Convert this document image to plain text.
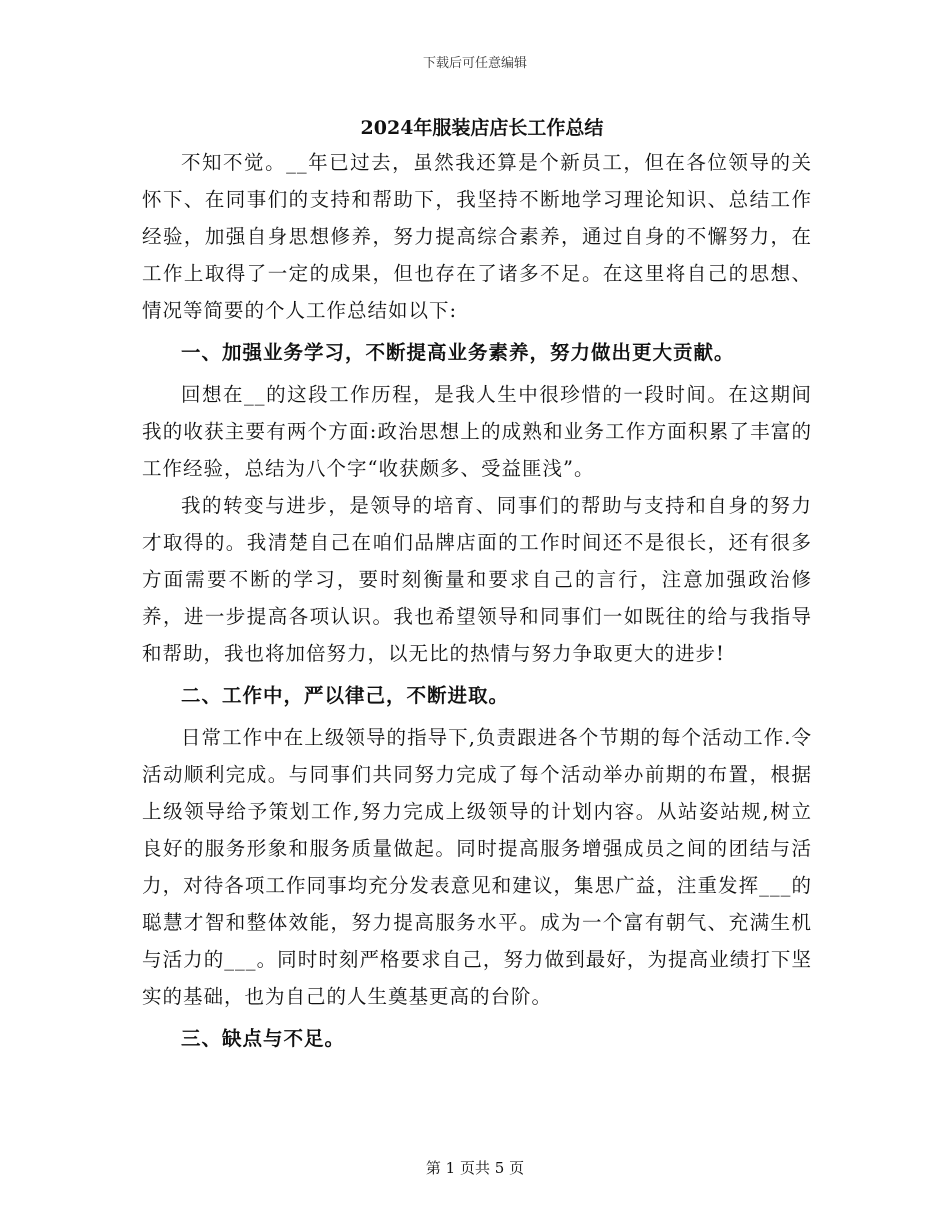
下载后可任意编辑

2024年服装店店长工作总结

不知不觉。__年已过去，虽然我还算是个新员工，但在各位领导的关怀下、在同事们的支持和帮助下，我坚持不断地学习理论知识、总结工作经验，加强自身思想修养，努力提高综合素养，通过自身的不懈努力，在工作上取得了一定的成果，但也存在了诸多不足。在这里将自己的思想、情况等简要的个人工作总结如以下:

一、加强业务学习，不断提高业务素养，努力做出更大贡献。

回想在__的这段工作历程，是我人生中很珍惜的一段时间。在这期间我的收获主要有两个方面:政治思想上的成熟和业务工作方面积累了丰富的工作经验，总结为八个字“收获颇多、受益匪浅”。

我的转变与进步，是领导的培育、同事们的帮助与支持和自身的努力才取得的。我清楚自己在咱们品牌店面的工作时间还不是很长，还有很多方面需要不断的学习，要时刻衡量和要求自己的言行，注意加强政治修养，进一步提高各项认识。我也希望领导和同事们一如既往的给与我指导和帮助，我也将加倍努力，以无比的热情与努力争取更大的进步!

二、工作中，严以律己，不断进取。

日常工作中在上级领导的指导下,负责跟进各个节期的每个活动工作.令活动顺利完成。与同事们共同努力完成了每个活动举办前期的布置，根据上级领导给予策划工作,努力完成上级领导的计划内容。从站姿站规,树立良好的服务形象和服务质量做起。同时提高服务增强成员之间的团结与活力，对待各项工作同事均充分发表意见和建议，集思广益，注重发挥___的聪慧才智和整体效能，努力提高服务水平。成为一个富有朝气、充满生机与活力的___。同时时刻严格要求自己，努力做到最好，为提高业绩打下坚实的基础，也为自己的人生奠基更高的台阶。

三、缺点与不足。

第 1 页共 5 页
